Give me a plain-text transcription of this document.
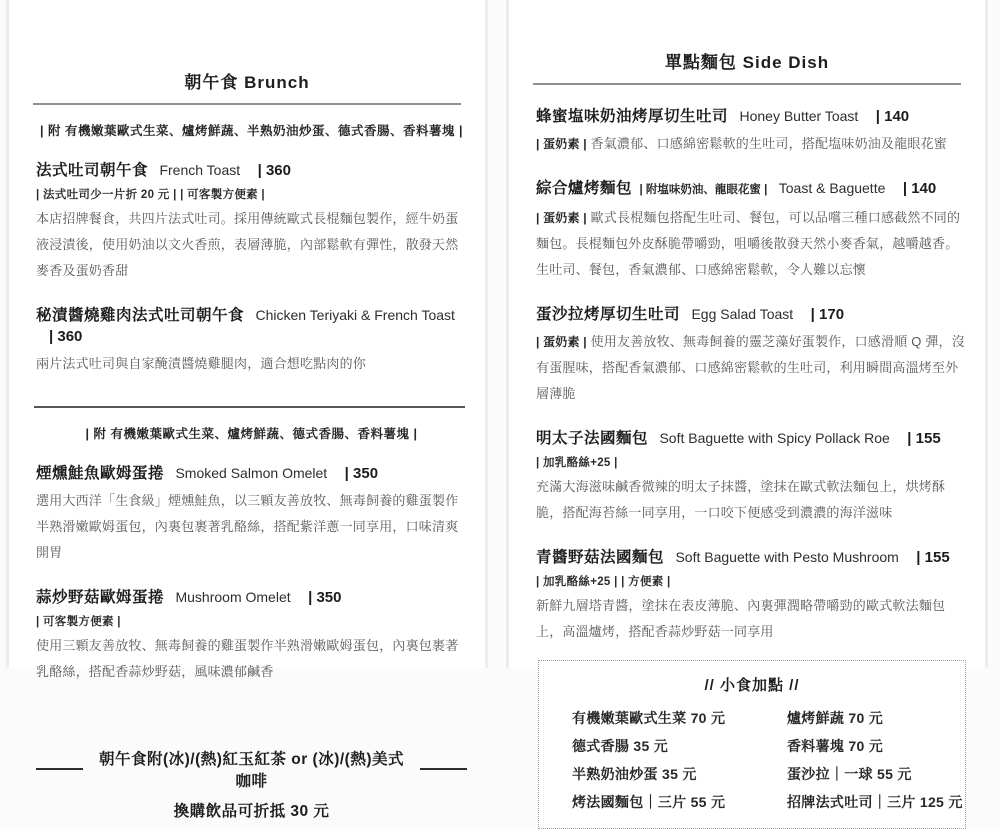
朝午食 Brunch
| 附 有機嫩葉歐式生菜、爐烤鮮蔬、半熟奶油炒蛋、德式香腸、香料薯塊 |
法式吐司朝午食 French Toast | 360
| 法式吐司少一片折 20 元 | | 可客製方便素 |
本店招牌餐食，共四片法式吐司。採用傳統歐式長棍麵包製作，經牛奶蛋液浸漬後，使用奶油以文火香煎，表層薄脆，內部鬆軟有彈性，散發天然麥香及蛋奶香甜
秘漬醬燒雞肉法式吐司朝午食 Chicken Teriyaki & French Toast | 360
兩片法式吐司與自家醃漬醬燒雞腿肉，適合想吃點肉的你
| 附 有機嫩葉歐式生菜、爐烤鮮蔬、德式香腸、香料薯塊 |
煙燻鮭魚歐姆蛋捲 Smoked Salmon Omelet | 350
選用大西洋「生食級」煙燻鮭魚，以三顆友善放牧、無毒飼養的雞蛋製作半熟滑嫩歐姆蛋包，內裏包裹著乳酪絲，搭配紫洋蔥一同享用，口味清爽開胃
蒜炒野菇歐姆蛋捲 Mushroom Omelet | 350
| 可客製方便素 |
使用三顆友善放牧、無毒飼養的雞蛋製作半熟滑嫩歐姆蛋包，內裏包裹著乳酪絲，搭配香蒜炒野菇，風味濃郁鹹香
朝午食附(冰)/(熱)紅玉紅茶 or (冰)/(熱)美式咖啡
換購飲品可折抵 30 元
單點麵包 Side Dish
蜂蜜塩味奶油烤厚切生吐司 Honey Butter Toast | 140
| 蛋奶素 | 香氣濃郁、口感綿密鬆軟的生吐司，搭配塩味奶油及龍眼花蜜
綜合爐烤麵包 | 附塩味奶油、龍眼花蜜 | Toast & Baguette | 140
| 蛋奶素 | 歐式長棍麵包搭配生吐司、餐包，可以品嚐三種口感截然不同的麵包。長棍麵包外皮酥脆帶嚼勁，咀嚼後散發天然小麥香氣，越嚼越香。生吐司、餐包，香氣濃郁、口感綿密鬆軟，令人難以忘懷
蛋沙拉烤厚切生吐司 Egg Salad Toast | 170
| 蛋奶素 | 使用友善放牧、無毒飼養的靈芝藻好蛋製作，口感滑順 Q 彈，沒有蛋腥味，搭配香氣濃郁、口感綿密鬆軟的生吐司，利用瞬間高溫烤至外層薄脆
明太子法國麵包 Soft Baguette with Spicy Pollack Roe | 155
| 加乳酪絲+25 |
充滿大海滋味鹹香微辣的明太子抹醬，塗抹在歐式軟法麵包上，烘烤酥脆，搭配海苔絲一同享用，一口咬下便感受到濃濃的海洋滋味
青醬野菇法國麵包 Soft Baguette with Pesto Mushroom | 155
| 加乳酪絲+25 | | 方便素 |
新鮮九層塔青醬，塗抹在表皮薄脆、內裏彈潤略帶嚼勁的歐式軟法麵包上，高溫爐烤，搭配香蒜炒野菇一同享用
// 小食加點 //
有機嫩葉歐式生菜 70 元	爐烤鮮蔬 70 元
德式香腸 35 元	香料薯塊 70 元
半熟奶油炒蛋 35 元	蛋沙拉｜一球 55 元
烤法國麵包｜三片 55 元	招牌法式吐司｜三片 125 元
